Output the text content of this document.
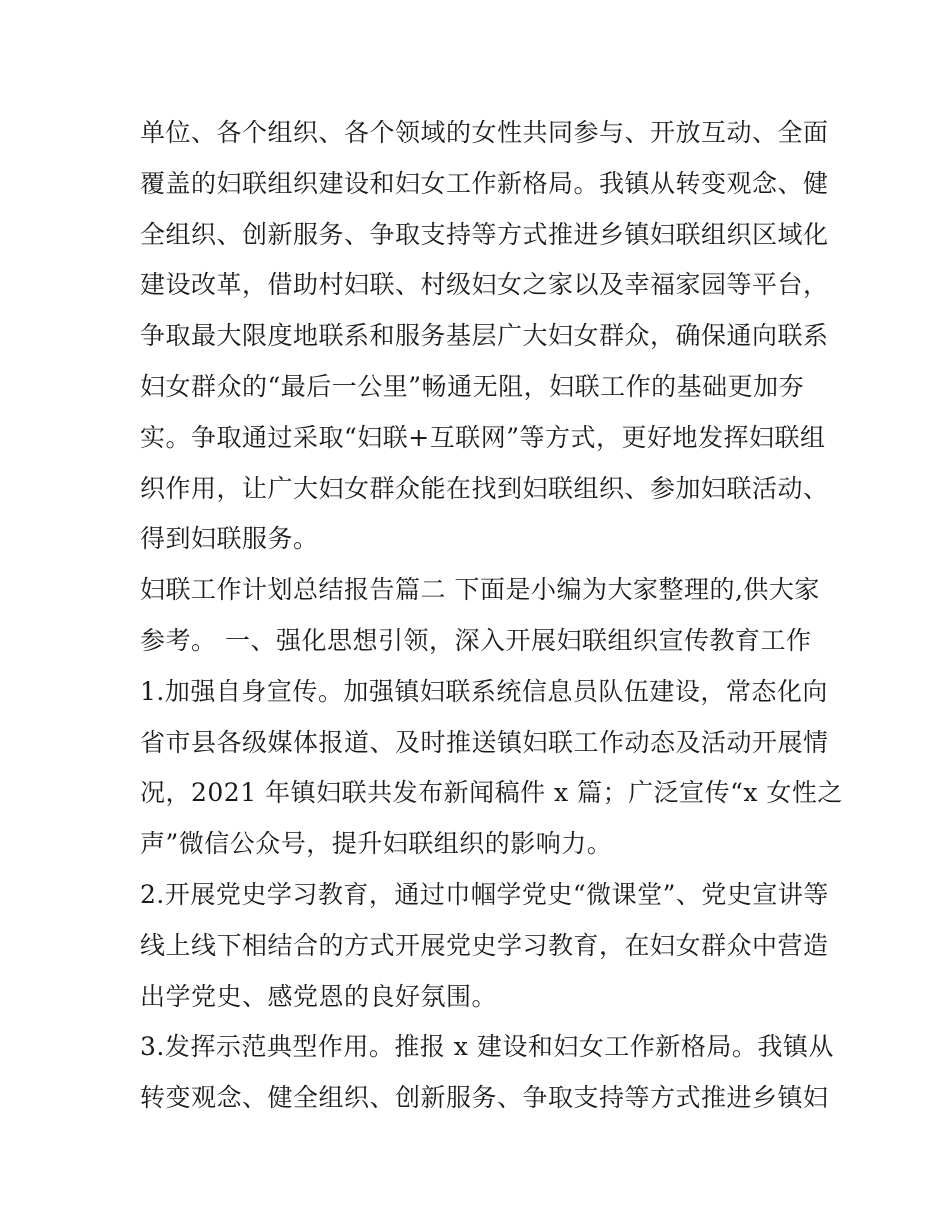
单位、各个组织、各个领域的女性共同参与、开放互动、全面
覆盖的妇联组织建设和妇女工作新格局。我镇从转变观念、健
全组织、创新服务、争取支持等方式推进乡镇妇联组织区域化
建设改革，借助村妇联、村级妇女之家以及幸福家园等平台，
争取最大限度地联系和服务基层广大妇女群众，确保通向联系
妇女群众的“最后一公里”畅通无阻，妇联工作的基础更加夯
实。争取通过采取“妇联+互联网”等方式，更好地发挥妇联组
织作用，让广大妇女群众能在找到妇联组织、参加妇联活动、
得到妇联服务。
妇联工作计划总结报告篇二 下面是小编为大家整理的,供大家
参考。 一、强化思想引领，深入开展妇联组织宣传教育工作
1.加强自身宣传。加强镇妇联系统信息员队伍建设，常态化向
省市县各级媒体报道、及时推送镇妇联工作动态及活动开展情
况，2021 年镇妇联共发布新闻稿件 x 篇；广泛宣传“x 女性之
声”微信公众号，提升妇联组织的影响力。
2.开展党史学习教育，通过巾帼学党史“微课堂”、党史宣讲等
线上线下相结合的方式开展党史学习教育，在妇女群众中营造
出学党史、感党恩的良好氛围。
3.发挥示范典型作用。推报 x 建设和妇女工作新格局。我镇从
转变观念、健全组织、创新服务、争取支持等方式推进乡镇妇
